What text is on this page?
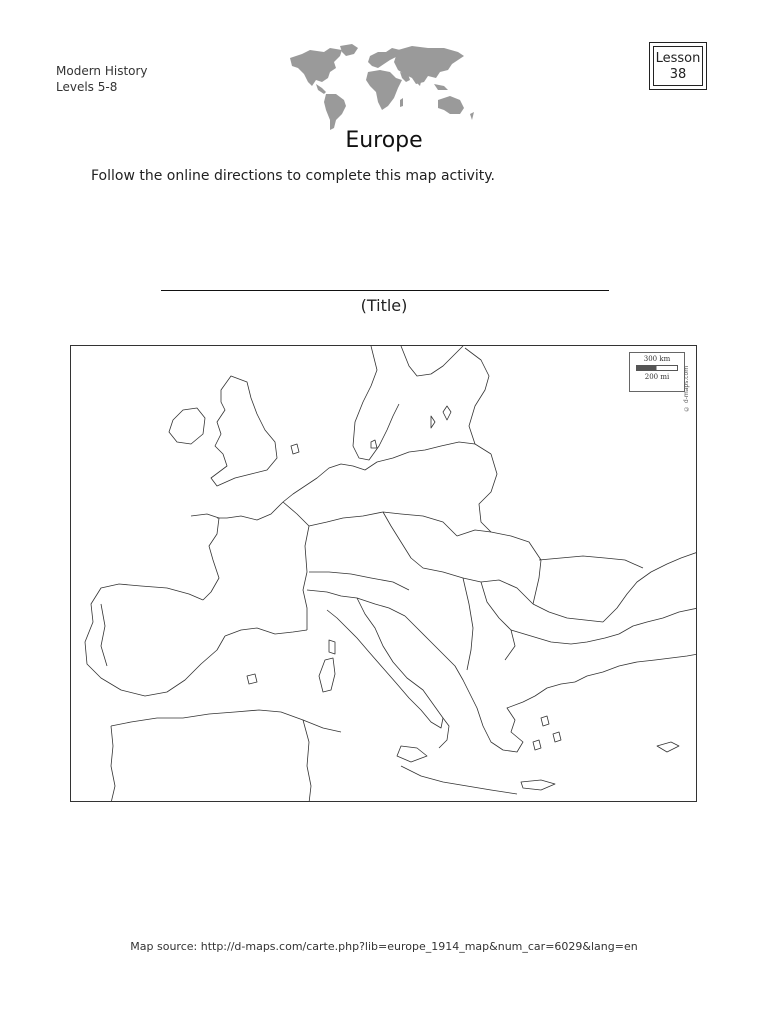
Modern History
Levels 5-8
Lesson
38
Europe
Follow the online directions to complete this map activity.
(Title)
300 km
200 mi	© d-maps.com
Map source: http://d-maps.com/carte.php?lib=europe_1914_map&num_car=6029&lang=en
